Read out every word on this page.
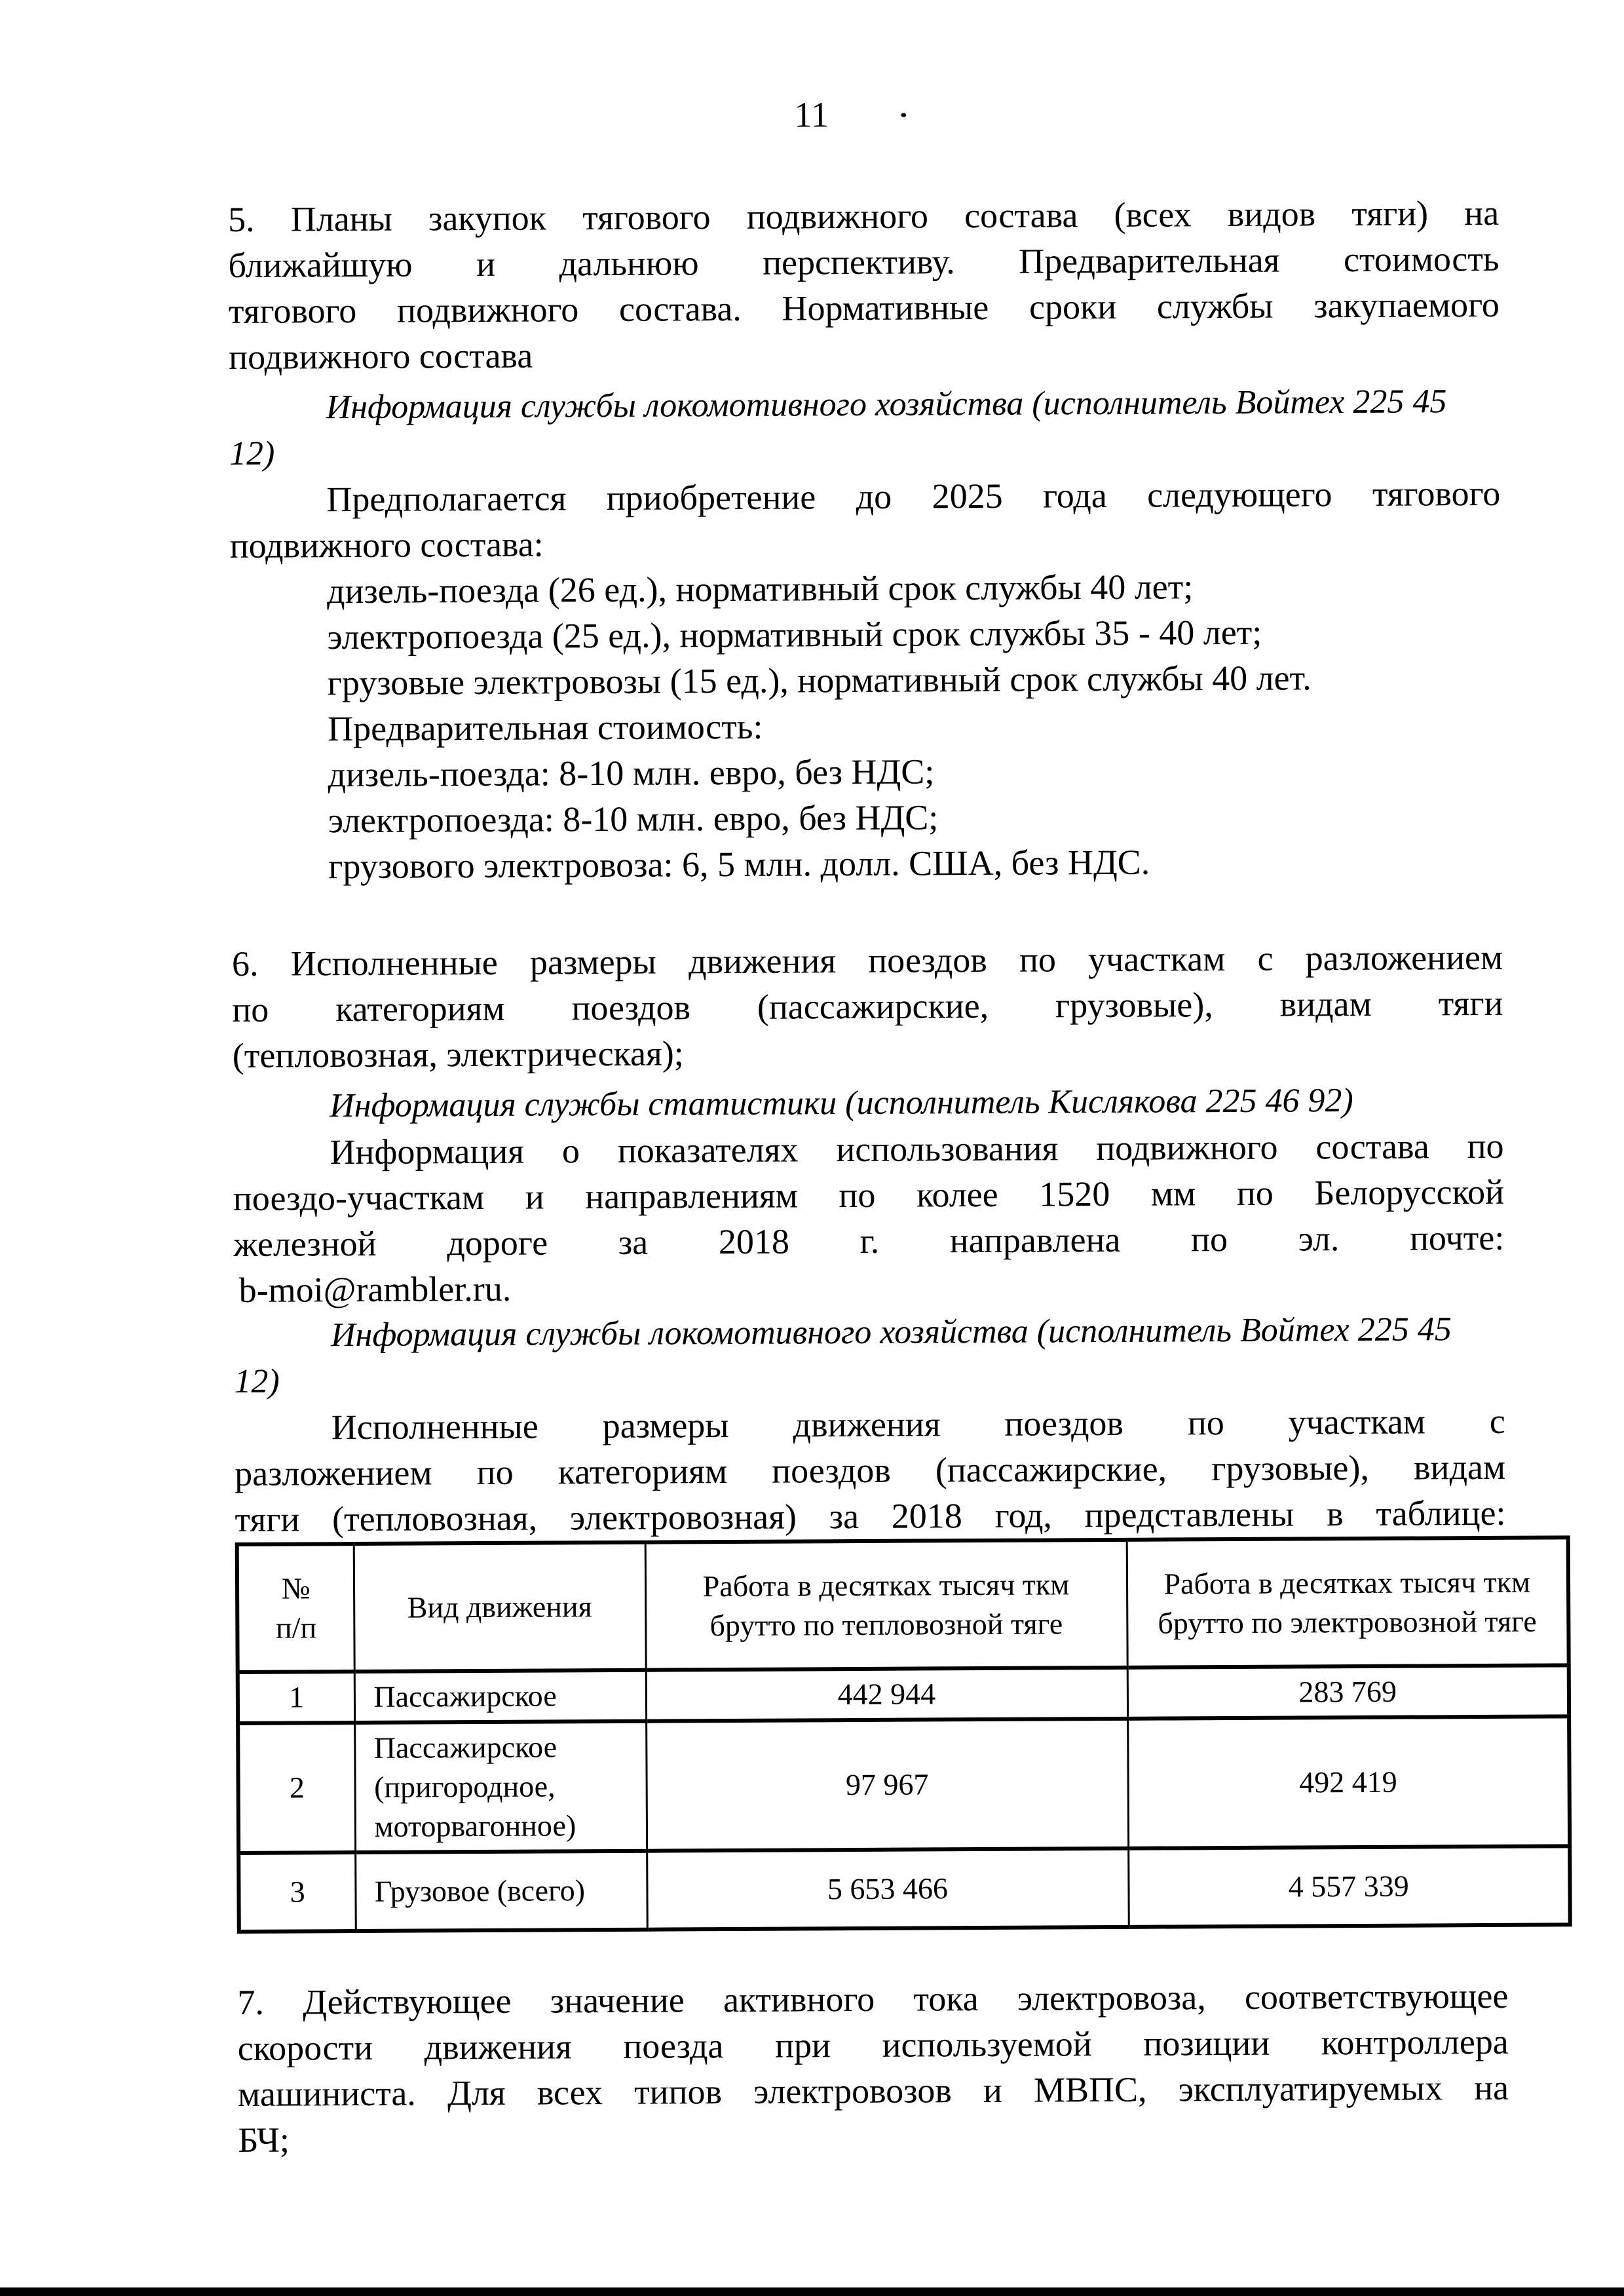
11
5. Планы закупок тягового подвижного состава (всех видов тяги) на
ближайшую и дальнюю перспективу. Предварительная стоимость
тягового подвижного состава. Нормативные сроки службы закупаемого
подвижного состава
Информация службы локомотивного хозяйства (исполнитель Войтех 225 45 12)
Предполагается приобретение до 2025 года следующего тягового
подвижного состава:
дизель-поезда (26 ед.), нормативный срок службы 40 лет;
электропоезда (25 ед.), нормативный срок службы 35 - 40 лет;
грузовые электровозы (15 ед.), нормативный срок службы 40 лет.
Предварительная стоимость:
дизель-поезда: 8-10 млн. евро, без НДС;
электропоезда: 8-10 млн. евро, без НДС;
грузового электровоза: 6, 5 млн. долл. США, без НДС.
6. Исполненные размеры движения поездов по участкам с разложением
по категориям поездов (пассажирские, грузовые), видам тяги
(тепловозная, электрическая);
Информация службы статистики (исполнитель Кислякова 225 46 92)
Информация о показателях использования подвижного состава по
поездо-участкам и направлениям по колее 1520 мм по Белорусской
железной дороге за 2018 г. направлена по эл. почте:
b-moi@rambler.ru.
Информация службы локомотивного хозяйства (исполнитель Войтех 225 45 12)
Исполненные размеры движения поездов по участкам с
разложением по категориям поездов (пассажирские, грузовые), видам
тяги (тепловозная, электровозная) за 2018 год, представлены в таблице:
№
п/п	Вид движения	Работа в десятках тысяч ткм брутто по тепловозной тяге	Работа в десятках тысяч ткм брутто по электровозной тяге
1	Пассажирское	442 944	283 769
2	Пассажирское (пригородное, моторвагонное)	97 967	492 419
3	Грузовое (всего)	5 653 466	4 557 339
7. Действующее значение активного тока электровоза, соответствующее
скорости движения поезда при используемой позиции контроллера
машиниста. Для всех типов электровозов и МВПС, эксплуатируемых на
БЧ;
